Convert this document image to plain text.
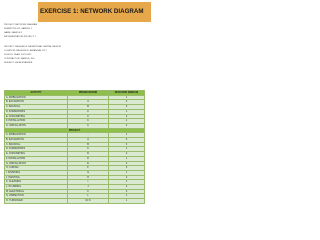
EXERCISE 1: NETWORK DIAGRAM
PROJECT: NETWORK DIAGRAM
SUBMITTED BY: SAMPLE 1
NAME: SAMPLE 1
IMPLEMENTATION PROJECT: 1
PROJECT: PAGSUNOD SA NATIONAL CAPITAL REGION
LOCATION: PAGSUNOD, BATANGAS CITY
SCHOOL YEAR: 2021-2022
CONTRACTOR: SAMPLE, INC.
SUBJECT: SIR ALEXANDER
ACTIVITY	PREDECESSOR	DURATION (WEEKS)
A. MOBILIZATION	-	1
B. EXCAVATION	A	2
C. BACKFILL	B	3
D. FORMWORKS	C	1
E. CONCRETING	C	2
F. INSTALLATION	C	1
G. INSTALLATION	C	2
PROJECT		
A. MOBILIZATION	-	1
B. EXCAVATION	A	2
C. BACKFILL	B	3
D. FORMWORKS	C	1
E. CONCRETING	D	2
F. INSTALLATION	D	1
G. INSTALLATION	E	2
H. CURING	F	3
I. FINISHING	G	1
J. PAINTING	H	2
K. CLEANING	I	1
L. PLUMBING	J	2
M. ELECTRICAL	K	2
N. INSPECTION	L	1
O. TURNOVER	M, N	1
